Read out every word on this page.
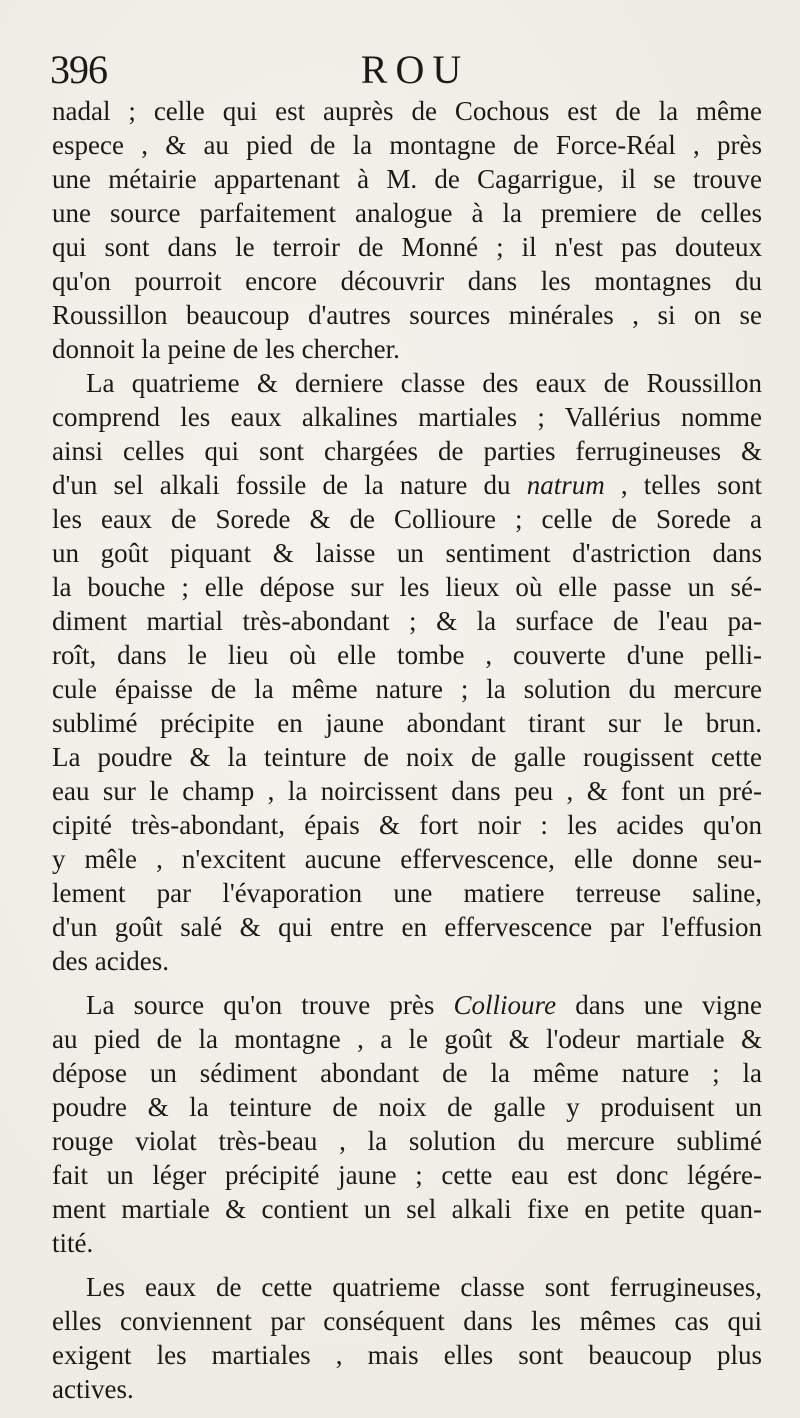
396	ROU
nadal ; celle qui est auprès de Cochous est de la même
espece , & au pied de la montagne de Force-Réal , près
une métairie appartenant à M. de Cagarrigue, il se trouve
une source parfaitement analogue à la premiere de celles
qui sont dans le terroir de Monné ; il n'est pas douteux
qu'on pourroit encore découvrir dans les montagnes du
Roussillon beaucoup d'autres sources minérales , si on se
donnoit la peine de les chercher.
La quatrieme & derniere classe des eaux de Roussillon
comprend les eaux alkalines martiales ; Vallérius nomme
ainsi celles qui sont chargées de parties ferrugineuses &
d'un sel alkali fossile de la nature du natrum , telles sont
les eaux de Sorede & de Collioure ; celle de Sorede a
un goût piquant & laisse un sentiment d'astriction dans
la bouche ; elle dépose sur les lieux où elle passe un sé-
diment martial très-abondant ; & la surface de l'eau pa-
roît, dans le lieu où elle tombe , couverte d'une pelli-
cule épaisse de la même nature ; la solution du mercure
sublimé précipite en jaune abondant tirant sur le brun.
La poudre & la teinture de noix de galle rougissent cette
eau sur le champ , la noircissent dans peu , & font un pré-
cipité très-abondant, épais & fort noir : les acides qu'on
y mêle , n'excitent aucune effervescence, elle donne seu-
lement par l'évaporation une matiere terreuse saline,
d'un goût salé & qui entre en effervescence par l'effusion
des acides.
La source qu'on trouve près Collioure dans une vigne
au pied de la montagne , a le goût & l'odeur martiale &
dépose un sédiment abondant de la même nature ; la
poudre & la teinture de noix de galle y produisent un
rouge violat très-beau , la solution du mercure sublimé
fait un léger précipité jaune ; cette eau est donc légére-
ment martiale & contient un sel alkali fixe en petite quan-
tité.
Les eaux de cette quatrieme classe sont ferrugineuses,
elles conviennent par conséquent dans les mêmes cas qui
exigent les martiales , mais elles sont beaucoup plus
actives.
